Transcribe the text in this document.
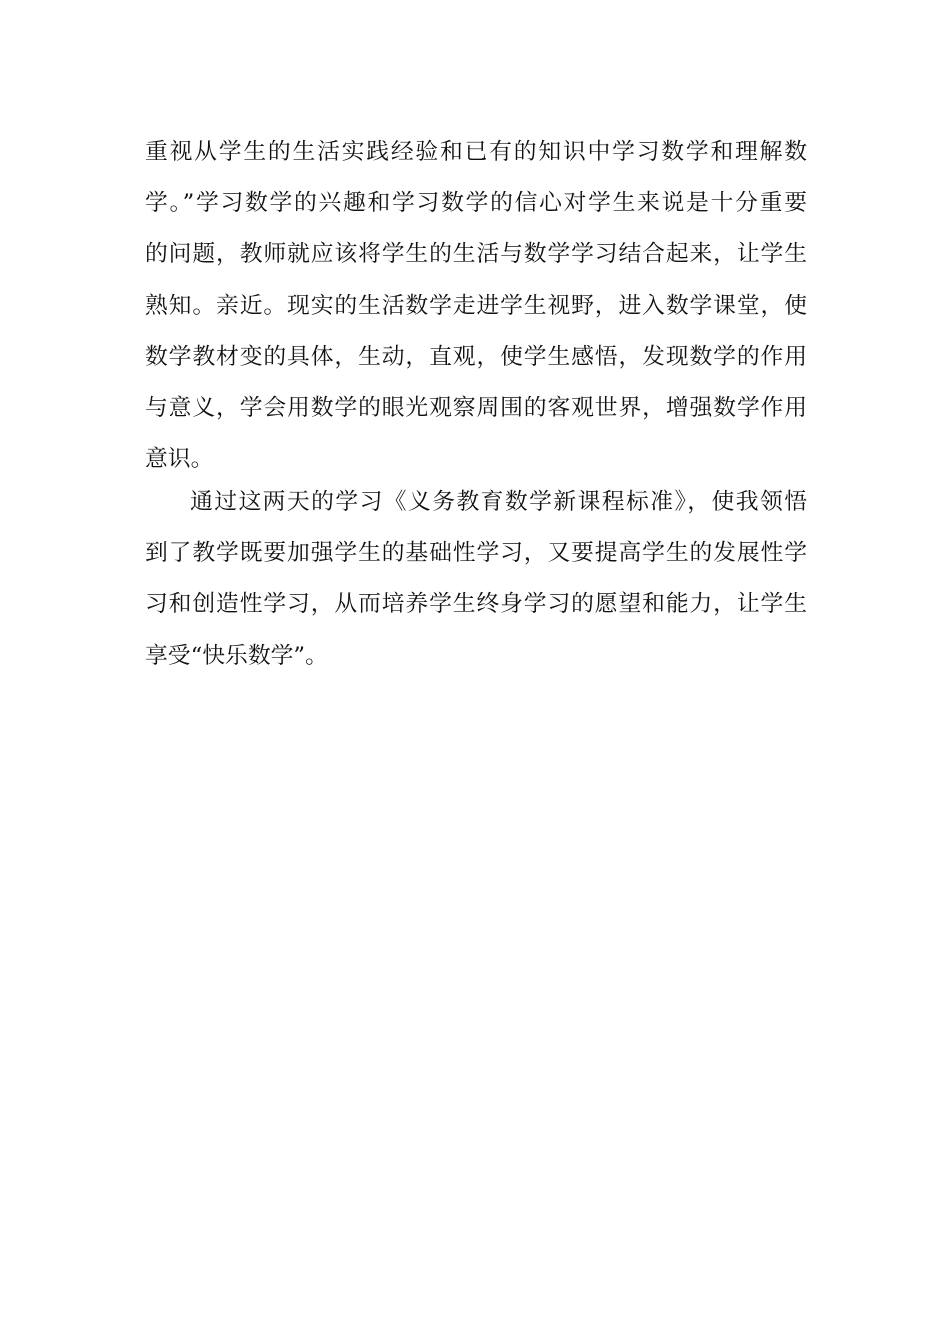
重视从学生的生活实践经验和已有的知识中学习数学和理解数
学。”学习数学的兴趣和学习数学的信心对学生来说是十分重要
的问题，教师就应该将学生的生活与数学学习结合起来，让学生
熟知。亲近。现实的生活数学走进学生视野，进入数学课堂，使
数学教材变的具体，生动，直观，使学生感悟，发现数学的作用
与意义，学会用数学的眼光观察周围的客观世界，增强数学作用
意识。
通过这两天的学习《义务教育数学新课程标准》，使我领悟
到了教学既要加强学生的基础性学习，又要提高学生的发展性学
习和创造性学习，从而培养学生终身学习的愿望和能力，让学生
享受“快乐数学”。
